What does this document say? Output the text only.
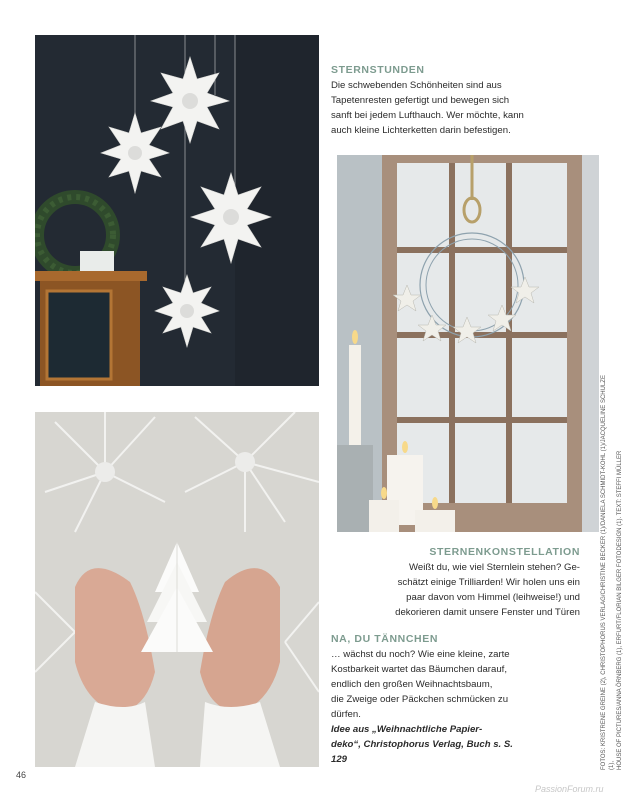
STERNSTUNDEN
Die schwebenden Schönheiten sind aus
Tapetenresten gefertigt und bewegen sich
sanft bei jedem Lufthauch. Wer möchte, kann
auch kleine Lichterketten darin befestigen.
STERNENKONSTELLATION
Weißt du, wie viel Sternlein stehen? Ge-
schätzt einige Trilliarden! Wir holen uns ein
paar davon vom Himmel (leihweise!) und
dekorieren damit unsere Fenster und Türen
NA, DU TÄNNCHEN
… wächst du noch? Wie eine kleine, zarte
Kostbarkeit wartet das Bäumchen darauf,
endlich den großen Weihnachtsbaum,
die Zweige oder Päckchen schmücken zu
dürfen.
Idee aus „Weihnachtliche Papier-
deko“, Christophorus Verlag, Buch s. S. 129	FOTOS: KRISTRENE GREINE (2), CHRISTOPHORUS VERLAG/CHRISTINE BECKER (1)/DANIELA SCHMIDT-KOHL (1)/JACQUELINE SCHULZE (1),
HOUSE OF PICTURES/ANNA ÖRNBERG (1), ERFURT/FLORIAN BILGER FOTODESIGN (1). TEXT: STEFFI MÜLLER
46
PassionForum.ru
